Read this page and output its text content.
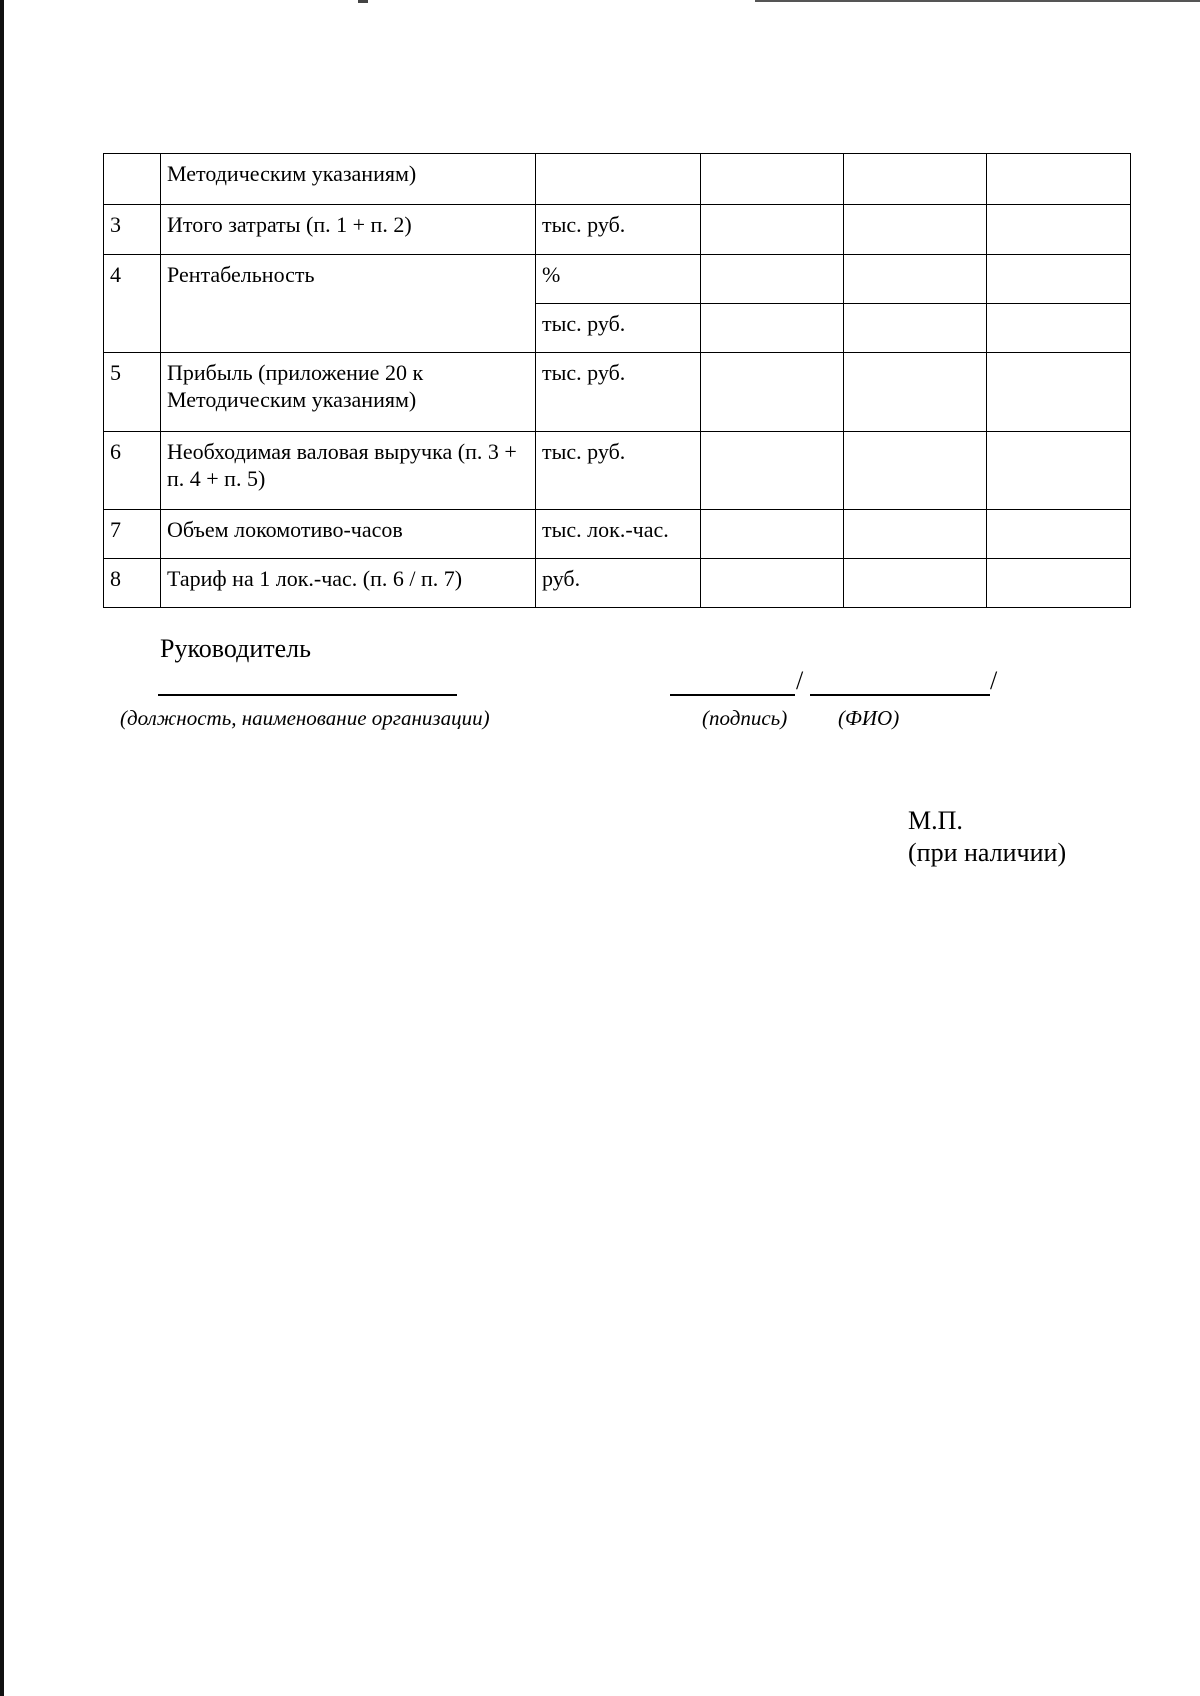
	Методическим указаниям)				
3	Итого затраты (п. 1 + п. 2)	тыс. руб.			
4	Рентабельность	%			
		тыс. руб.			
5	Прибыль (приложение 20 к Методическим указаниям)	тыс. руб.			
6	Необходимая валовая выручка (п. 3 + п. 4 + п. 5)	тыс. руб.			
7	Объем локомотиво-часов	тыс. лок.-час.			
8	Тариф на 1 лок.-час. (п. 6 / п. 7)	руб.			
Руководитель
/	/
(должность, наименование организации)	(подпись) (ФИО)
М.П.
(при наличии)
